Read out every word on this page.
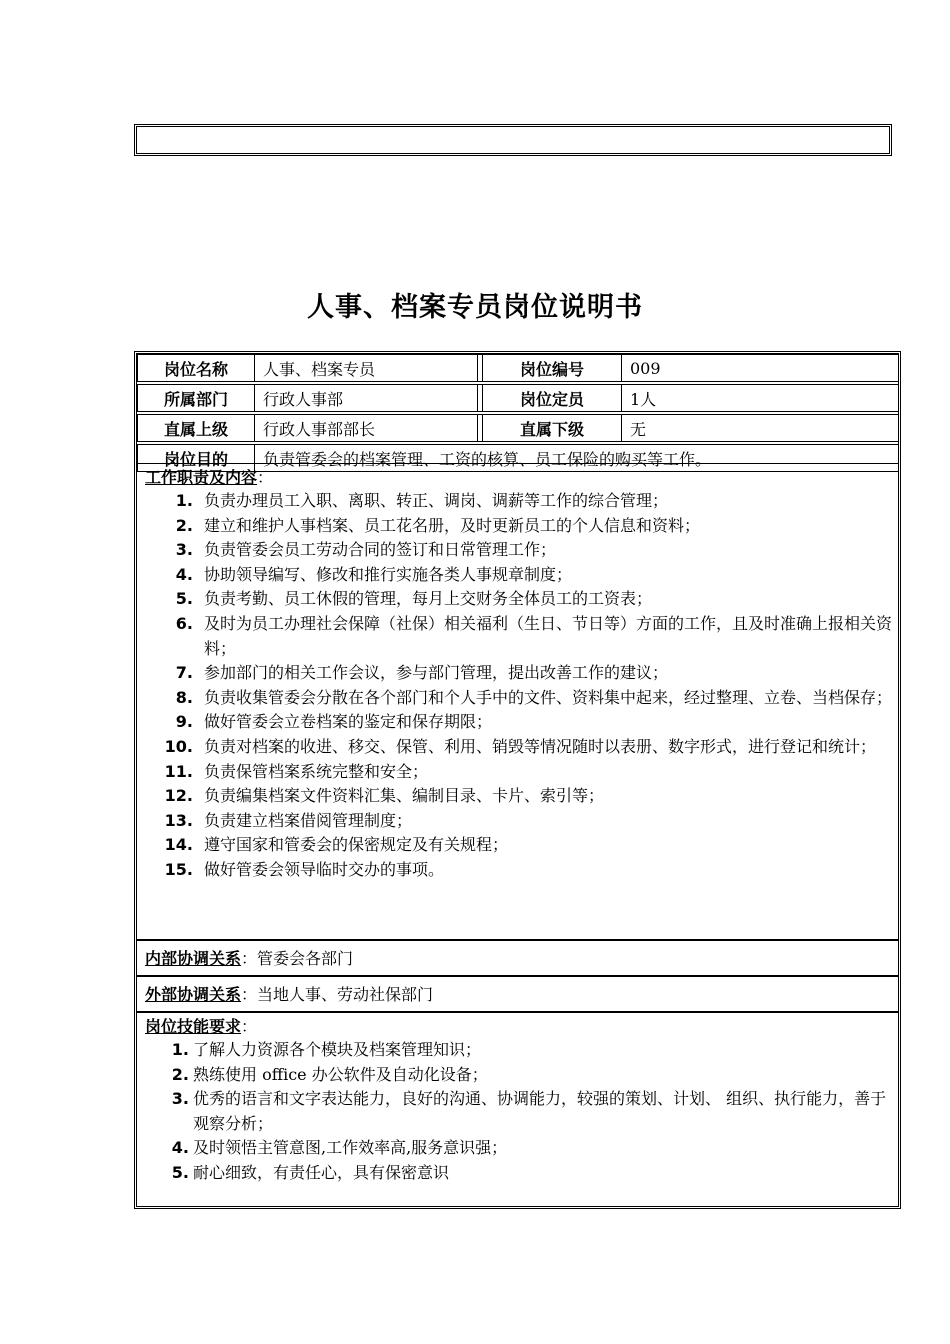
人事、档案专员岗位说明书
岗位名称	人事、档案专员		岗位编号	009

所属部门	行政人事部		岗位定员	1人

直属上级	行政人事部部长		直属下级	无

岗位目的	负责管委会的档案管理、工资的核算、员工保险的购买等工作。			
工作职责及内容：
1. 负责办理员工入职、离职、转正、调岗、调薪等工作的综合管理；
2. 建立和维护人事档案、员工花名册，及时更新员工的个人信息和资料；
3. 负责管委会员工劳动合同的签订和日常管理工作；
4. 协助领导编写、修改和推行实施各类人事规章制度；
5. 负责考勤、员工休假的管理，每月上交财务全体员工的工资表；
6. 及时为员工办理社会保障（社保）相关福利（生日、节日等）方面的工作，且及时准确上报相关资料；
7. 参加部门的相关工作会议，参与部门管理，提出改善工作的建议；
8. 负责收集管委会分散在各个部门和个人手中的文件、资料集中起来，经过整理、立卷、当档保存；
9. 做好管委会立卷档案的鉴定和保存期限；
10. 负责对档案的收进、移交、保管、利用、销毁等情况随时以表册、数字形式，进行登记和统计；
11. 负责保管档案系统完整和安全；
12. 负责编集档案文件资料汇集、编制目录、卡片、索引等；
13. 负责建立档案借阅管理制度；
14. 遵守国家和管委会的保密规定及有关规程；
15. 做好管委会领导临时交办的事项。
内部协调关系：管委会各部门
外部协调关系：当地人事、劳动社保部门
岗位技能要求：
1. 了解人力资源各个模块及档案管理知识；
2. 熟练使用 office 办公软件及自动化设备；
3. 优秀的语言和文字表达能力，良好的沟通、协调能力，较强的策划、计划、 组织、执行能力，善于观察分析；
4. 及时领悟主管意图,工作效率高,服务意识强；
5. 耐心细致，有责任心，具有保密意识
